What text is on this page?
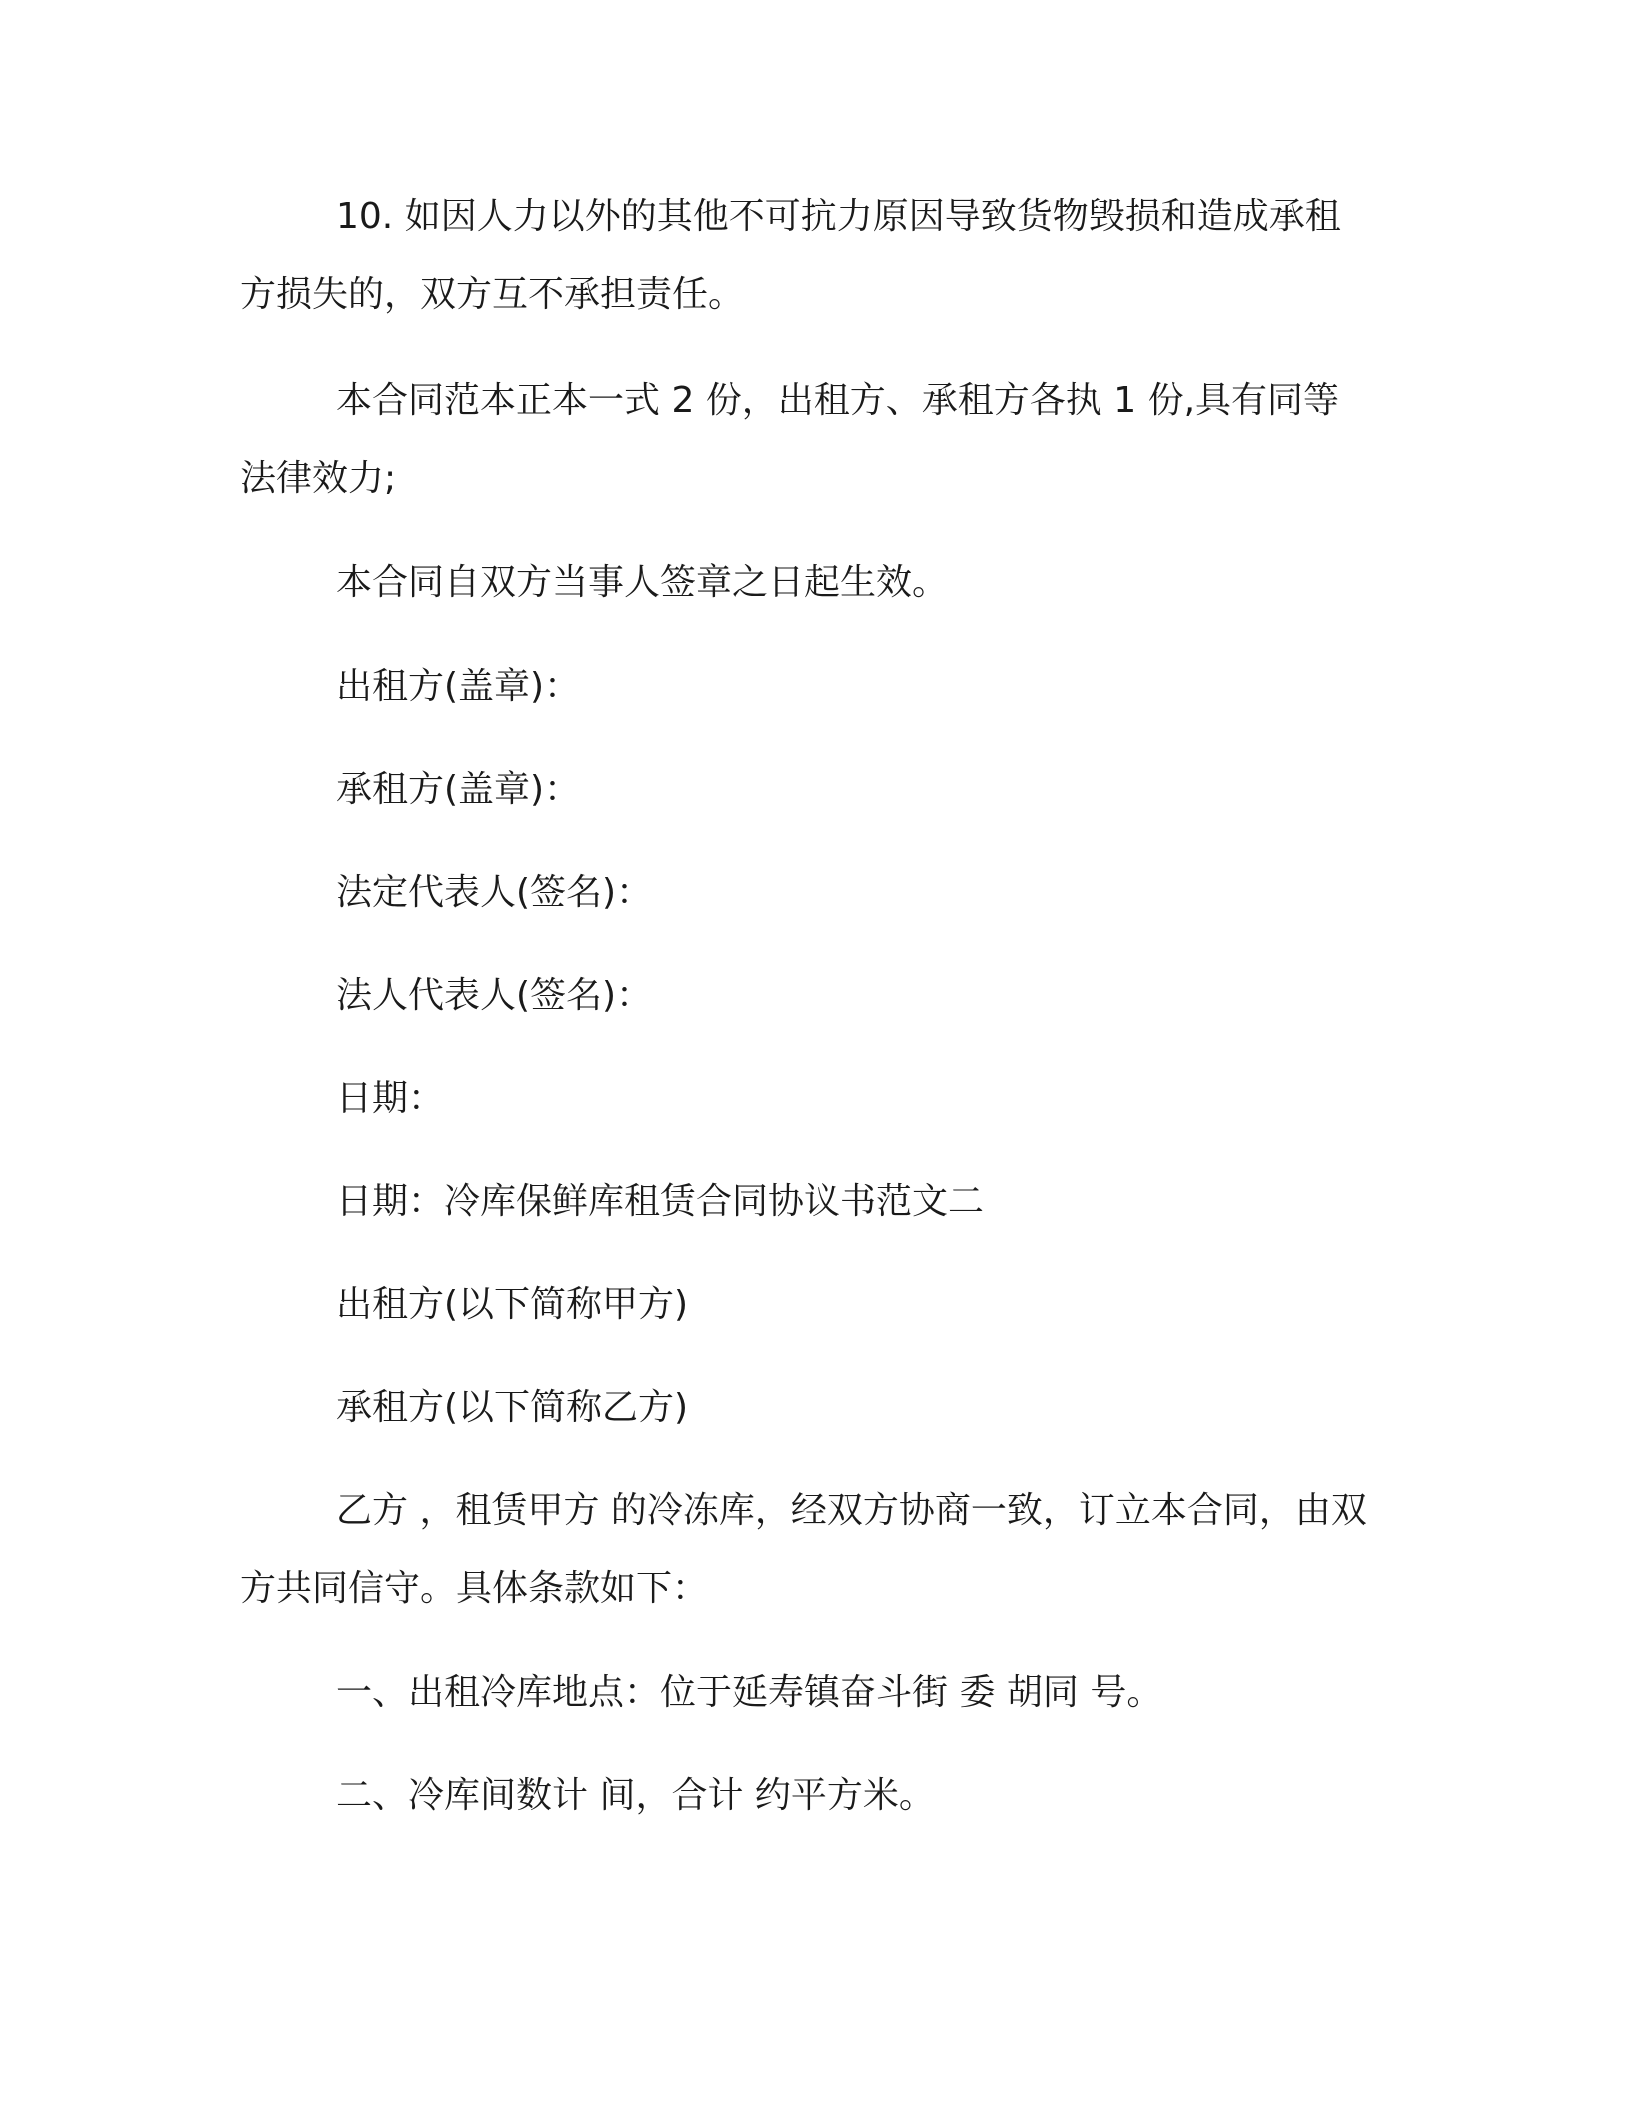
10. 如因人力以外的其他不可抗力原因导致货物毁损和造成承租方损失的，双方互不承担责任。

本合同范本正本一式 2 份，出租方、承租方各执 1 份,具有同等法律效力;

本合同自双方当事人签章之日起生效。

出租方(盖章)：

承租方(盖章)：

法定代表人(签名)：

法人代表人(签名)：

日期：

日期：冷库保鲜库租赁合同协议书范文二

出租方(以下简称甲方)

承租方(以下简称乙方)

乙方 ，租赁甲方 的冷冻库，经双方协商一致，订立本合同，由双方共同信守。具体条款如下：

一、出租冷库地点：位于延寿镇奋斗街 委 胡同 号。

二、冷库间数计 间，合计 约平方米。
